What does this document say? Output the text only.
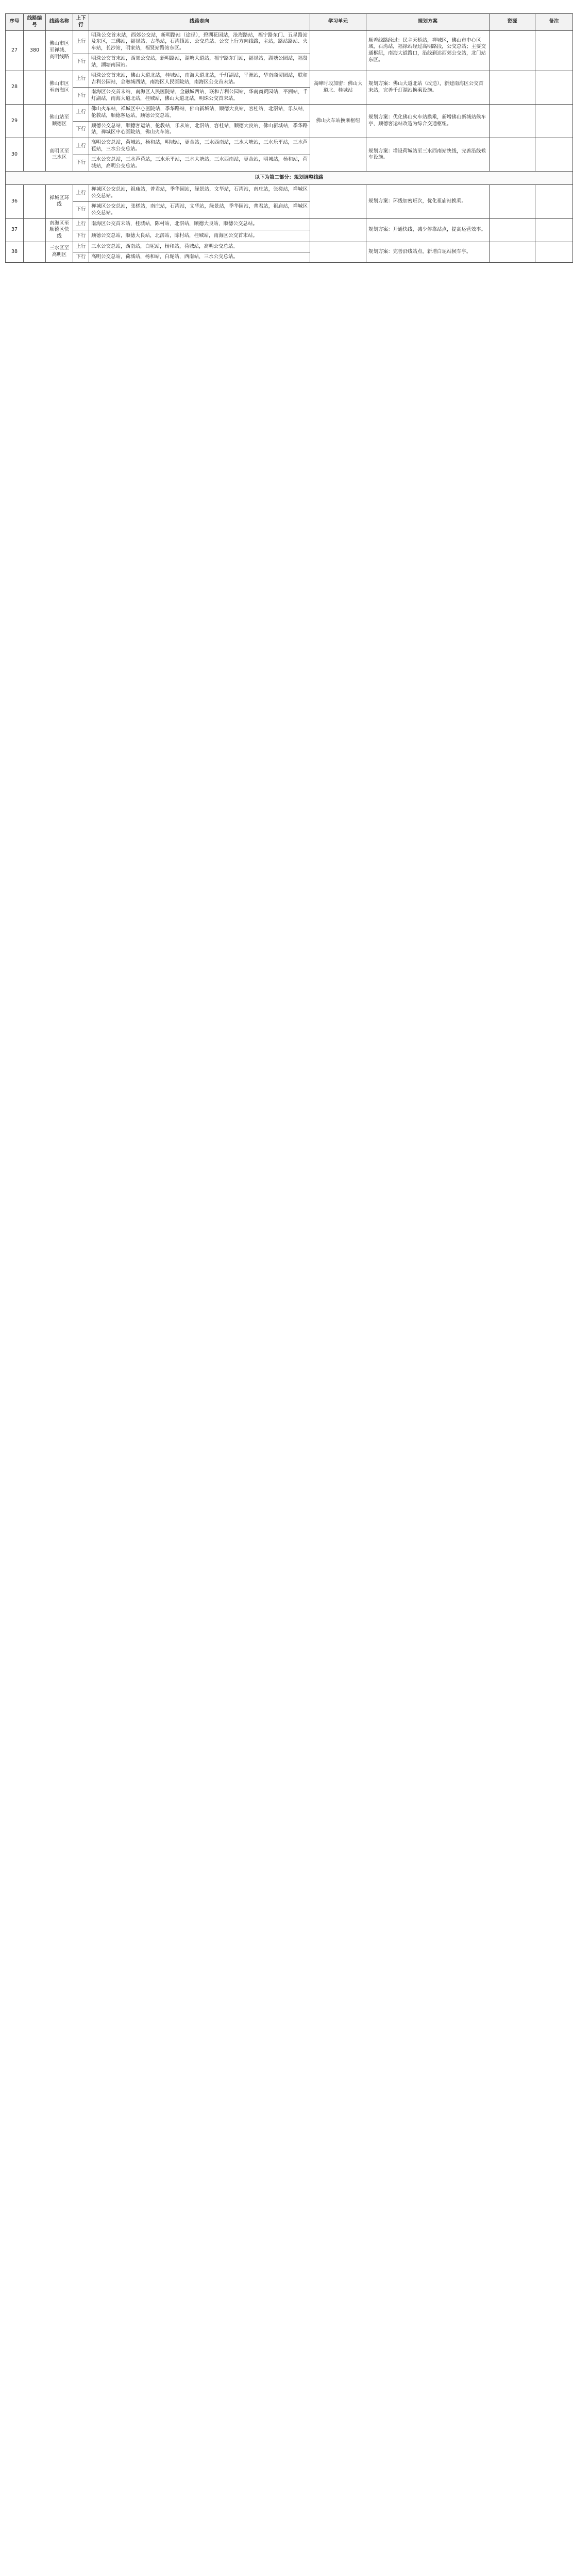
序号	线路编号	线路名称	上下行	线路走向	学习单元	规划方案	资源	备注
27	380	佛山市区至禅城、高明线路	上行	明珠公交首末站，西郊公交站，新明路站（途径），碧湖花园站，沧海路站，福宁路东门、五星路站及东区，三佛站，福禄站、古墨站，石湾镇站、公交总站、公交上行方向线路，主站，路站路站、火车站，长沙站，明家站，福贤站路站东区。		顺着线路经过：民主天桥站，禅城区，佛山市中心区域，石湾站，福禄站经过高明路段，公交总站；主要交通枢纽，南海大道路口，沿线到达西郊公交站，北门站东区。		
			下行	明珠公交首末站，西郊公交站，新明路站，湖塘大道站，福宁路东门站，福禄站，湖塘公园站，福贤站，湖塘南园站。				
28		佛山市区至南海区	上行	明珠公交首末站，佛山大道北站，桂城站，南海大道北站，千灯湖站，平洲站，华南商贸园站，联和吉利公园站，金融城西站，南海区人民医院站，南海区公交首末站。	高峰时段加密：佛山大道北、桂城站	规划方案：佛山大道北站（改造），新建南海区公交首末站，完善千灯湖站换乘设施。		
			下行	南海区公交首末站，南海区人民医院站，金融城西站，联和吉利公园站，华南商贸园站，平洲站，千灯湖站，南海大道北站，桂城站，佛山大道北站，明珠公交首末站。				
29		佛山站至顺德区	上行	佛山火车站，禅城区中心医院站，季华路站，佛山新城站，顺德大良站，容桂站，北滘站，乐从站，伦教站，顺德客运站，顺德公交总站。	佛山火车站换乘枢纽	规划方案：优化佛山火车站换乘，新增佛山新城站候车亭，顺德客运站改造为综合交通枢纽。		
			下行	顺德公交总站，顺德客运站，伦教站，乐从站，北滘站，容桂站，顺德大良站，佛山新城站，季华路站，禅城区中心医院站，佛山火车站。				
30		高明区至三水区	上行	高明公交总站，荷城站，杨和站，明城站，更合站，三水西南站，三水大塘站，三水乐平站，三水芦苞站，三水公交总站。		规划方案：增设荷城站至三水西南站快线，完善沿线候车设施。		
			下行	三水公交总站，三水芦苞站，三水乐平站，三水大塘站，三水西南站，更合站，明城站，杨和站，荷城站，高明公交总站。				
以下为第二部分：规划调整线路								
36		禅城区环线	上行	禅城区公交总站，祖庙站，普君站，季华园站，绿景站，文华站，石湾站，南庄站，张槎站，禅城区公交总站。		规划方案：环线加密班次，优化祖庙站换乘。		
			下行	禅城区公交总站，张槎站，南庄站，石湾站，文华站，绿景站，季华园站，普君站，祖庙站，禅城区公交总站。				
37		南海区至顺德区快线	上行	南海区公交首末站，桂城站，陈村站，北滘站，顺德大良站，顺德公交总站。		规划方案：开通快线，减少停靠站点，提高运营效率。		
			下行	顺德公交总站，顺德大良站，北滘站，陈村站，桂城站，南海区公交首末站。				
38		三水区至高明区	上行	三水公交总站，西南站，白坭站，杨和站，荷城站，高明公交总站。		规划方案：完善沿线站点，新增白坭站候车亭。		
			下行	高明公交总站，荷城站，杨和站，白坭站，西南站，三水公交总站。				
